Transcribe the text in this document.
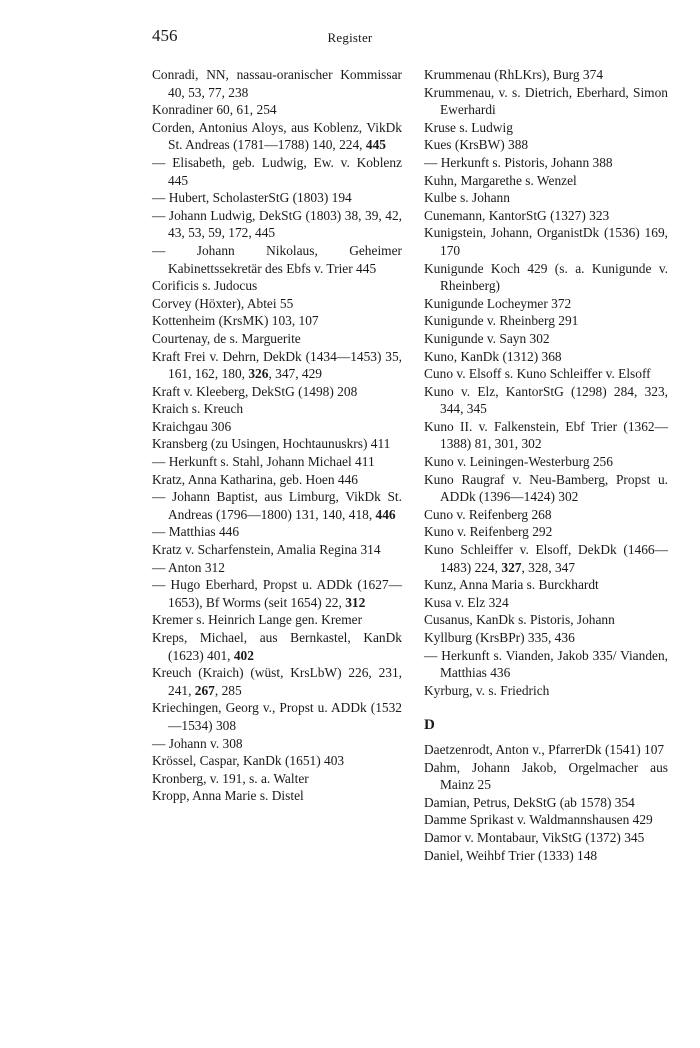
456	Register

Conradi, NN, nassau-oranischer Kommissar 40, 53, 77, 238

Konradiner 60, 61, 254

Corden, Antonius Aloys, aus Koblenz, VikDk St. Andreas (1781—1788) 140, 224, 445

— Elisabeth, geb. Ludwig, Ew. v. Koblenz 445

— Hubert, ScholasterStG (1803) 194

— Johann Ludwig, DekStG (1803) 38, 39, 42, 43, 53, 59, 172, 445

— Johann Nikolaus, Geheimer Kabinettssekretär des Ebfs v. Trier 445

Corificis s. Judocus

Corvey (Höxter), Abtei 55

Kottenheim (KrsMK) 103, 107

Courtenay, de s. Marguerite

Kraft Frei v. Dehrn, DekDk (1434—1453) 35, 161, 162, 180, 326, 347, 429

Kraft v. Kleeberg, DekStG (1498) 208

Kraich s. Kreuch

Kraichgau 306

Kransberg (zu Usingen, Hochtaunuskrs) 411

— Herkunft s. Stahl, Johann Michael 411

Kratz, Anna Katharina, geb. Hoen 446

— Johann Baptist, aus Limburg, VikDk St. Andreas (1796—1800) 131, 140, 418, 446

— Matthias 446

Kratz v. Scharfenstein, Amalia Regina 314

— Anton 312

— Hugo Eberhard, Propst u. ADDk (1627—1653), Bf Worms (seit 1654) 22, 312

Kremer s. Heinrich Lange gen. Kremer

Kreps, Michael, aus Bernkastel, KanDk (1623) 401, 402

Kreuch (Kraich) (wüst, KrsLbW) 226, 231, 241, 267, 285

Kriechingen, Georg v., Propst u. ADDk (1532—1534) 308

— Johann v. 308

Krössel, Caspar, KanDk (1651) 403

Kronberg, v. 191, s. a. Walter

Kropp, Anna Marie s. Distel

Krummenau (RhLKrs), Burg 374

Krummenau, v. s. Dietrich, Eberhard, Simon Ewerhardi

Kruse s. Ludwig

Kues (KrsBW) 388

— Herkunft s. Pistoris, Johann 388

Kuhn, Margarethe s. Wenzel

Kulbe s. Johann

Cunemann, KantorStG (1327) 323

Kunigstein, Johann, OrganistDk (1536) 169, 170

Kunigunde Koch 429 (s. a. Kunigunde v. Rheinberg)

Kunigunde Locheymer 372

Kunigunde v. Rheinberg 291

Kunigunde v. Sayn 302

Kuno, KanDk (1312) 368

Cuno v. Elsoff s. Kuno Schleiffer v. Elsoff

Kuno v. Elz, KantorStG (1298) 284, 323, 344, 345

Kuno II. v. Falkenstein, Ebf Trier (1362—1388) 81, 301, 302

Kuno v. Leiningen-Westerburg 256

Kuno Raugraf v. Neu-Bamberg, Propst u. ADDk (1396—1424) 302

Cuno v. Reifenberg 268

Kuno v. Reifenberg 292

Kuno Schleiffer v. Elsoff, DekDk (1466—1483) 224, 327, 328, 347

Kunz, Anna Maria s. Burckhardt

Kusa v. Elz 324

Cusanus, KanDk s. Pistoris, Johann

Kyllburg (KrsBPr) 335, 436

— Herkunft s. Vianden, Jakob 335/ Vianden, Matthias 436

Kyrburg, v. s. Friedrich

D

Daetzenrodt, Anton v., PfarrerDk (1541) 107

Dahm, Johann Jakob, Orgelmacher aus Mainz 25

Damian, Petrus, DekStG (ab 1578) 354

Damme Sprikast v. Waldmannshausen 429

Damor v. Montabaur, VikStG (1372) 345

Daniel, Weihbf Trier (1333) 148
